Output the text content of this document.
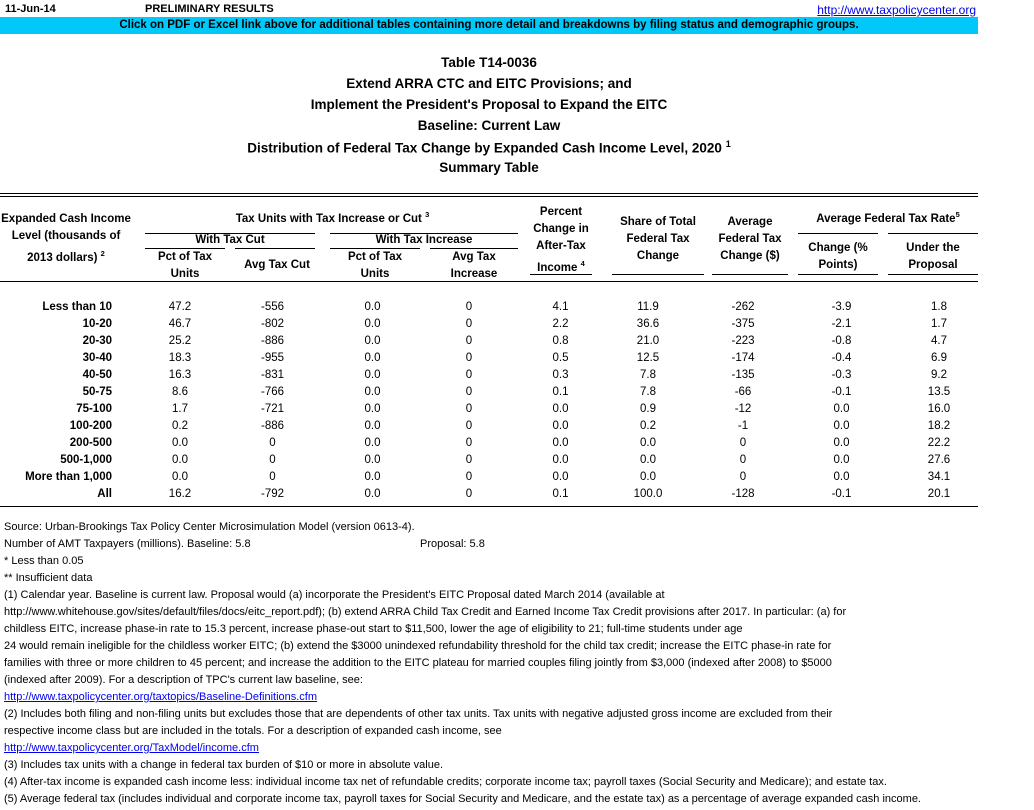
11-Jun-14	PRELIMINARY RESULTS	http://www.taxpolicycenter.org
Click on PDF or Excel link above for additional tables containing more detail and breakdowns by filing status and demographic groups.
Table T14-0036
Extend ARRA CTC and EITC Provisions; and
Implement the President's Proposal to Expand the EITC
Baseline: Current Law
Distribution of Federal Tax Change by Expanded Cash Income Level, 2020 $^1$
Summary Table
Expanded Cash Income
Level (thousands of
2013 dollars) $^2$
Tax Units with Tax Increase or Cut $^3$
With Tax Cut	With Tax Increase
Pct of Tax
Units
Avg Tax Cut
Pct of Tax
Units
Avg Tax
Increase
Percent
Change in
After-Tax
Income $^4$
Share of Total
Federal Tax
Change
Average
Federal Tax
Change ($)
Average Federal Tax Rate$^5$
Change (%
Points)
Under the
Proposal
Less than 10	47.2	-556	0.0	0	4.1	11.9	-262	-3.9	1.8
10-20	46.7	-802	0.0	0	2.2	36.6	-375	-2.1	1.7
20-30	25.2	-886	0.0	0	0.8	21.0	-223	-0.8	4.7
30-40	18.3	-955	0.0	0	0.5	12.5	-174	-0.4	6.9
40-50	16.3	-831	0.0	0	0.3	7.8	-135	-0.3	9.2
50-75	8.6	-766	0.0	0	0.1	7.8	-66	-0.1	13.5
75-100	1.7	-721	0.0	0	0.0	0.9	-12	0.0	16.0
100-200	0.2	-886	0.0	0	0.0	0.2	-1	0.0	18.2
200-500	0.0	0	0.0	0	0.0	0.0	0	0.0	22.2
500-1,000	0.0	0	0.0	0	0.0	0.0	0	0.0	27.6
More than 1,000	0.0	0	0.0	0	0.0	0.0	0	0.0	34.1
All	16.2	-792	0.0	0	0.1	100.0	-128	-0.1	20.1
Source: Urban-Brookings Tax Policy Center Microsimulation Model (version 0613-4).
Number of AMT Taxpayers (millions). Baseline: 5.8	Proposal: 5.8
* Less than 0.05
** Insufficient data
(1) Calendar year. Baseline is current law. Proposal would (a) incorporate the President's EITC Proposal dated March 2014 (available at
http://www.whitehouse.gov/sites/default/files/docs/eitc_report.pdf); (b) extend ARRA Child Tax Credit and Earned Income Tax Credit provisions after 2017. In particular: (a) for
childless EITC, increase phase-in rate to 15.3 percent, increase phase-out start to $11,500, lower the age of eligibility to 21; full-time students under age
24 would remain ineligible for the childless worker EITC; (b) extend the $3000 unindexed refundability threshold for the child tax credit; increase the EITC phase-in rate for
families with three or more children to 45 percent; and increase the addition to the EITC plateau for married couples filing jointly from $3,000 (indexed after 2008) to $5000
(indexed after 2009). For a description of TPC's current law baseline, see:
http://www.taxpolicycenter.org/taxtopics/Baseline-Definitions.cfm
(2) Includes both filing and non-filing units but excludes those that are dependents of other tax units. Tax units with negative adjusted gross income are excluded from their
respective income class but are included in the totals. For a description of expanded cash income, see
http://www.taxpolicycenter.org/TaxModel/income.cfm
(3) Includes tax units with a change in federal tax burden of $10 or more in absolute value.
(4) After-tax income is expanded cash income less: individual income tax net of refundable credits; corporate income tax; payroll taxes (Social Security and Medicare); and estate tax.
(5) Average federal tax (includes individual and corporate income tax, payroll taxes for Social Security and Medicare, and the estate tax) as a percentage of average expanded cash income.
